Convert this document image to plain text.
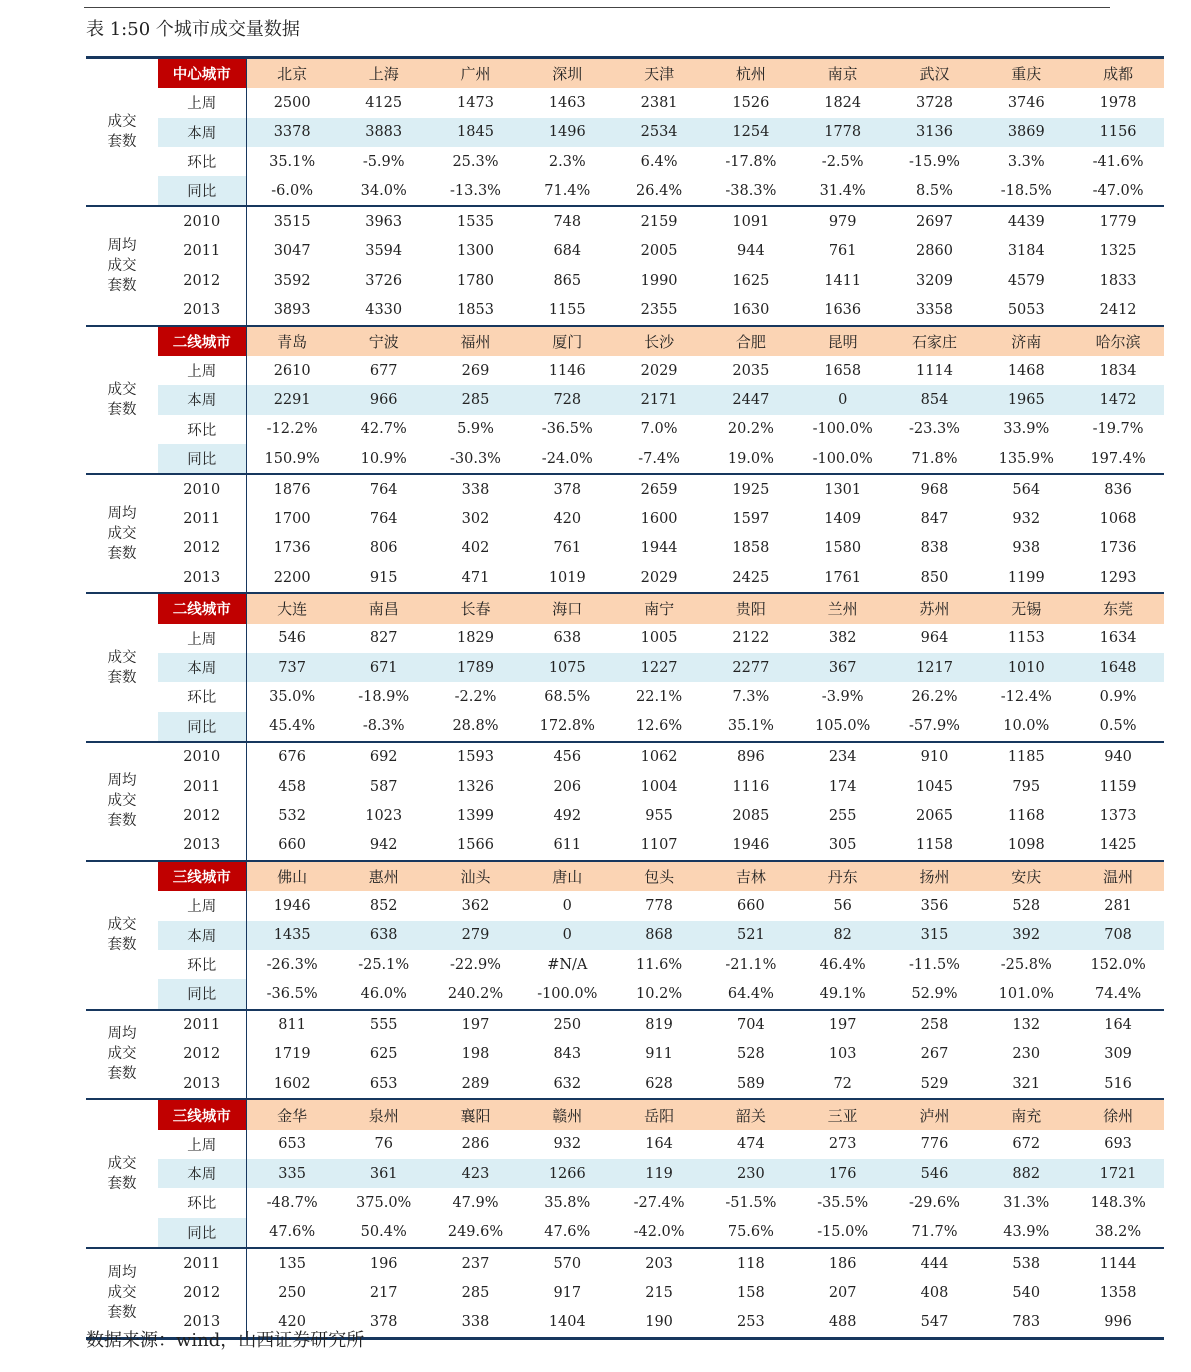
表 1:50 个城市成交量数据
成交
套数	中心城市	北京	上海	广州	深圳	天津	杭州	南京	武汉	重庆	成都
	上周	2500	4125	1473	1463	2381	1526	1824	3728	3746	1978
	本周	3378	3883	1845	1496	2534	1254	1778	3136	3869	1156
	环比	35.1%	-5.9%	25.3%	2.3%	6.4%	-17.8%	-2.5%	-15.9%	3.3%	-41.6%
	同比	-6.0%	34.0%	-13.3%	71.4%	26.4%	-38.3%	31.4%	8.5%	-18.5%	-47.0%
周均
成交
套数	2010	3515	3963	1535	748	2159	1091	979	2697	4439	1779
	2011	3047	3594	1300	684	2005	944	761	2860	3184	1325
	2012	3592	3726	1780	865	1990	1625	1411	3209	4579	1833
	2013	3893	4330	1853	1155	2355	1630	1636	3358	5053	2412
成交
套数	二线城市	青岛	宁波	福州	厦门	长沙	合肥	昆明	石家庄	济南	哈尔滨
	上周	2610	677	269	1146	2029	2035	1658	1114	1468	1834
	本周	2291	966	285	728	2171	2447	0	854	1965	1472
	环比	-12.2%	42.7%	5.9%	-36.5%	7.0%	20.2%	-100.0%	-23.3%	33.9%	-19.7%
	同比	150.9%	10.9%	-30.3%	-24.0%	-7.4%	19.0%	-100.0%	71.8%	135.9%	197.4%
周均
成交
套数	2010	1876	764	338	378	2659	1925	1301	968	564	836
	2011	1700	764	302	420	1600	1597	1409	847	932	1068
	2012	1736	806	402	761	1944	1858	1580	838	938	1736
	2013	2200	915	471	1019	2029	2425	1761	850	1199	1293
成交
套数	二线城市	大连	南昌	长春	海口	南宁	贵阳	兰州	苏州	无锡	东莞
	上周	546	827	1829	638	1005	2122	382	964	1153	1634
	本周	737	671	1789	1075	1227	2277	367	1217	1010	1648
	环比	35.0%	-18.9%	-2.2%	68.5%	22.1%	7.3%	-3.9%	26.2%	-12.4%	0.9%
	同比	45.4%	-8.3%	28.8%	172.8%	12.6%	35.1%	105.0%	-57.9%	10.0%	0.5%
周均
成交
套数	2010	676	692	1593	456	1062	896	234	910	1185	940
	2011	458	587	1326	206	1004	1116	174	1045	795	1159
	2012	532	1023	1399	492	955	2085	255	2065	1168	1373
	2013	660	942	1566	611	1107	1946	305	1158	1098	1425
成交
套数	三线城市	佛山	惠州	汕头	唐山	包头	吉林	丹东	扬州	安庆	温州
	上周	1946	852	362	0	778	660	56	356	528	281
	本周	1435	638	279	0	868	521	82	315	392	708
	环比	-26.3%	-25.1%	-22.9%	#N/A	11.6%	-21.1%	46.4%	-11.5%	-25.8%	152.0%
	同比	-36.5%	46.0%	240.2%	-100.0%	10.2%	64.4%	49.1%	52.9%	101.0%	74.4%
周均
成交
套数	2011	811	555	197	250	819	704	197	258	132	164
	2012	1719	625	198	843	911	528	103	267	230	309
	2013	1602	653	289	632	628	589	72	529	321	516
成交
套数	三线城市	金华	泉州	襄阳	赣州	岳阳	韶关	三亚	泸州	南充	徐州
	上周	653	76	286	932	164	474	273	776	672	693
	本周	335	361	423	1266	119	230	176	546	882	1721
	环比	-48.7%	375.0%	47.9%	35.8%	-27.4%	-51.5%	-35.5%	-29.6%	31.3%	148.3%
	同比	47.6%	50.4%	249.6%	47.6%	-42.0%	75.6%	-15.0%	71.7%	43.9%	38.2%
周均
成交
套数	2011	135	196	237	570	203	118	186	444	538	1144
	2012	250	217	285	917	215	158	207	408	540	1358
	2013	420	378	338	1404	190	253	488	547	783	996
数据来源：wind，山西证券研究所
